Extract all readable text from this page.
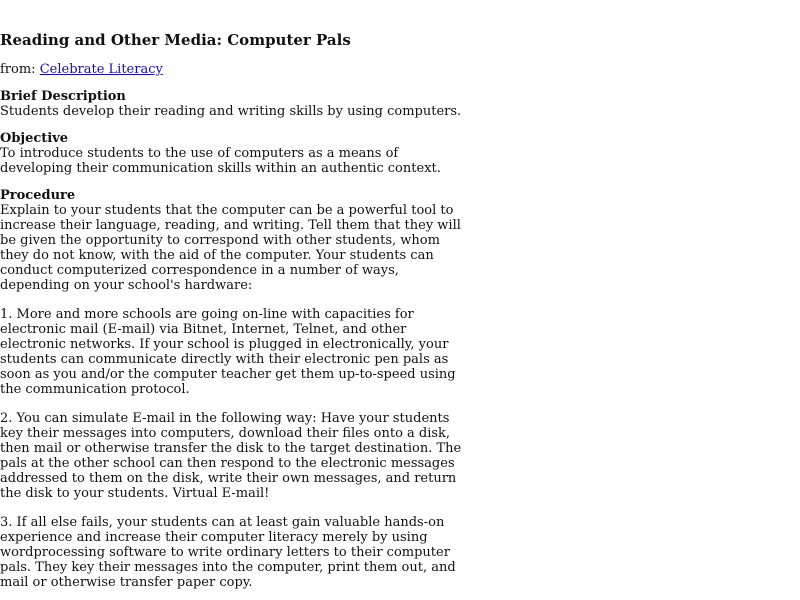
Reading and Other Media: Computer Pals
from: Celebrate Literacy
Brief Description

Students develop their reading and writing skills by using computers.

Objective

To introduce students to the use of computers as a means of developing their communication skills within an authentic context.

Procedure

Explain to your students that the computer can be a powerful tool to increase their language, reading, and writing. Tell them that they will be given the opportunity to correspond with other students, whom they do not know, with the aid of the computer. Your students can conduct computerized correspondence in a number of ways, depending on your school's hardware:

1. More and more schools are going on-line with capacities for electronic mail (E-mail) via Bitnet, Internet, Telnet, and other electronic networks. If your school is plugged in electronically, your students can communicate directly with their electronic pen pals as soon as you and/or the computer teacher get them up-to-speed using the communication protocol.

2. You can simulate E-mail in the following way: Have your students key their messages into computers, download their files onto a disk, then mail or otherwise transfer the disk to the target destination. The pals at the other school can then respond to the electronic messages addressed to them on the disk, write their own messages, and return the disk to your students. Virtual E-mail!

3. If all else fails, your students can at least gain valuable hands-on experience and increase their computer literacy merely by using wordprocessing software to write ordinary letters to their computer pals. They key their messages into the computer, print them out, and mail or otherwise transfer paper copy.
